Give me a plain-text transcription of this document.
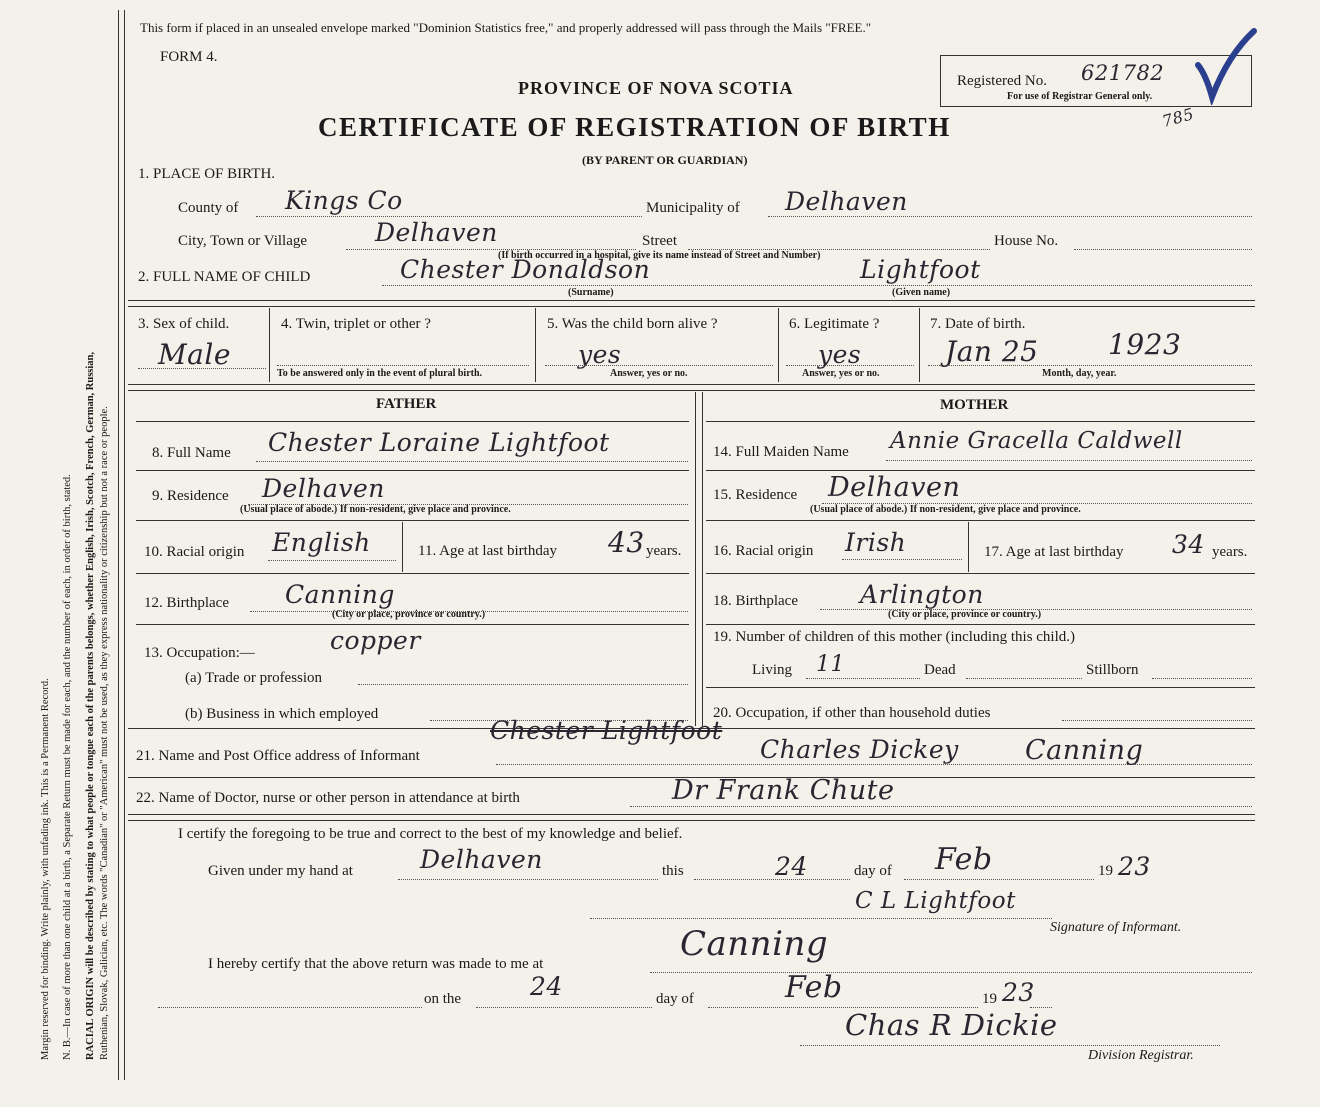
Margin reserved for binding. Write plainly, with unfading ink. This is a Permanent Record. N. B.—In case of more than one child at a birth, a Separate Return must be made for each, and the number of each, in order of birth, stated. RACIAL ORIGIN will be described by stating to what people or tongue each of the parents belongs, whether English, Irish, Scotch, French, German, Russian, Ruthenian, Slovak, Galician, etc. The words "Canadian" or "American" must not be used, as they express nationality or citizenship but not a race or people.
This form if placed in an unsealed envelope marked "Dominion Statistics free," and properly addressed will pass through the Mails "FREE."
FORM 4.
PROVINCE OF NOVA SCOTIA
CERTIFICATE OF REGISTRATION OF BIRTH
(BY PARENT OR GUARDIAN)
Registered No. 621782
For use of Registrar General only.
785
1. PLACE OF BIRTH.
County of Kings Co	Municipality of Delhaven
City, Town or Village	Delhaven	Street	House No.
(If birth occurred in a hospital, give its name instead of Street and Number)
2. FULL NAME OF CHILD	Chester Donaldson	Lightfoot
(Surname)	(Given name)
3. Sex of child.
Male
4. Twin, triplet or other ?
To be answered only in the event of plural birth.
5. Was the child born alive ?
yes
Answer, yes or no.
6. Legitimate ?
yes
Answer, yes or no.
7. Date of birth.
Jan 25 1923
Month, day, year.
FATHER
8. Full Name Chester Loraine Lightfoot
9. Residence Delhaven
(Usual place of abode.) If non-resident, give place and province.
10. Racial origin English	11. Age at last birthday 43 years.
12. Birthplace Canning
(City or place, province or country.)
13. Occupation:—	copper
(a) Trade or profession
(b) Business in which employed
MOTHER
14. Full Maiden Name Annie Gracella Caldwell
15. Residence Delhaven
(Usual place of abode.) If non-resident, give place and province.
16. Racial origin Irish	17. Age at last birthday 34 years.
18. Birthplace Arlington
(City or place, province or country.)
19. Number of children of this mother (including this child.)
Living 11	Dead	Stillborn
20. Occupation, if other than household duties
21. Name and Post Office address of Informant
Chester Lightfoot
Charles Dickey Canning
22. Name of Doctor, nurse or other person in attendance at birth	Dr Frank Chute
I certify the foregoing to be true and correct to the best of my knowledge and belief.
Given under my hand at	Delhaven	this	24	day of Feb	19 23
C L Lightfoot
Signature of Informant.
I hereby certify that the above return was made to me at	Canning
on the	24	day of	Feb	19 23
Chas R Dickie
Division Registrar.
